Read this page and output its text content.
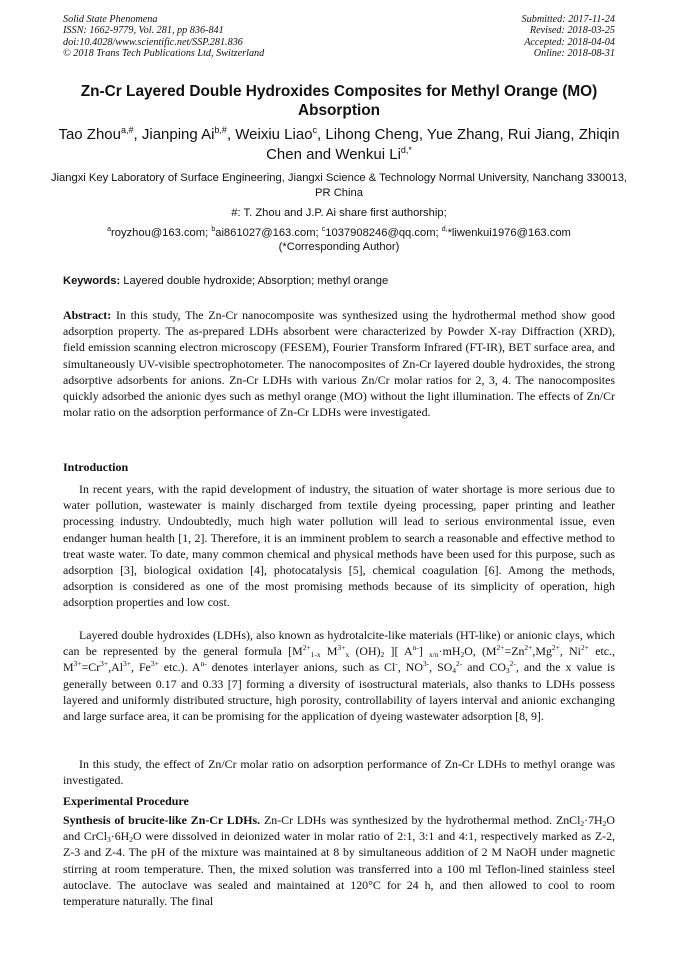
Solid State Phenomena
ISSN: 1662-9779, Vol. 281, pp 836-841
doi:10.4028/www.scientific.net/SSP.281.836
© 2018 Trans Tech Publications Ltd, Switzerland
Submitted: 2017-11-24
Revised: 2018-03-25
Accepted: 2018-04-04
Online: 2018-08-31
Zn-Cr Layered Double Hydroxides Composites for Methyl Orange (MO) Absorption
Tao Zhou$^{a,\#}$, Jianping $Ai^{b,\#}$, Weixiu Liao$^c$, Lihong Cheng, Yue Zhang, Rui Jiang, Zhiqin Chen and Wenkui $Li^{d,*}$
Jiangxi Key Laboratory of Surface Engineering, Jiangxi Science & Technology Normal University, Nanchang 330013, PR China
#: T. Zhou and J.P. Ai share first authorship;
$^a$royzhou@163.com; $^b$ai861027@163.com; $^c$1037908246@qq.com; $^{d,}$*liwenkui1976@163.com
(*Corresponding Author)
Keywords: Layered double hydroxide; Absorption; methyl orange
Abstract: In this study, The Zn-Cr nanocomposite was synthesized using the hydrothermal method show good adsorption property. The as-prepared LDHs absorbent were characterized by Powder X-ray Diffraction (XRD), field emission scanning electron microscopy (FESEM), Fourier Transform Infrared (FT-IR), BET surface area, and simultaneously UV-visible spectrophotometer. The nanocomposites of Zn-Cr layered double hydroxides, the strong adsorptive adsorbents for anions. Zn-Cr LDHs with various Zn/Cr molar ratios for 2, 3, 4. The nanocomposites quickly adsorbed the anionic dyes such as methyl orange (MO) without the light illumination. The effects of Zn/Cr molar ratio on the adsorption performance of Zn-Cr LDHs were investigated.
Introduction
In recent years, with the rapid development of industry, the situation of water shortage is more serious due to water pollution, wastewater is mainly discharged from textile dyeing processing, paper printing and leather processing industry. Undoubtedly, much high water pollution will lead to serious environmental issue, even endanger human health [1, 2]. Therefore, it is an imminent problem to search a reasonable and effective method to treat waste water. To date, many common chemical and physical methods have been used for this purpose, such as adsorption [3], biological oxidation [4], photocatalysis [5], chemical coagulation [6]. Among the methods, adsorption is considered as one of the most promising methods because of its simplicity of operation, high adsorption properties and low cost.
Layered double hydroxides (LDHs), also known as hydrotalcite-like materials (HT-like) or anionic clays, which can be represented by the general formula [$M^{2+}_{1-x}$ $M^{3+}_x$ $(OH)_2$ ][ $A^{n-}$] $_{x/n}\cdot mH_2O$, ($M^{2+}=Zn^{2+},Mg^{2+}$, $Ni^{2+}$ etc., $M^{3+}=Cr^{3+},Al^{3+}$, $Fe^{3+}$ etc.). $A^{n-}$ denotes interlayer anions, such as Cl-, $NO^{3-}$, $SO_4^{2-}$ and $CO_3^{2-}$, and the x value is generally between 0.17 and 0.33 [7] forming a diversity of isostructural materials, also thanks to LDHs possess layered and uniformly distributed structure, high porosity, controllability of layers interval and anionic exchanging and large surface area, it can be promising for the application of dyeing wastewater adsorption [8, 9].
In this study, the effect of Zn/Cr molar ratio on adsorption performance of Zn-Cr LDHs to methyl orange was investigated.
Experimental Procedure
Synthesis of brucite-like Zn-Cr LDHs. Zn-Cr LDHs was synthesized by the hydrothermal method. $ZnCl_2\cdot 7H_2O$ and $CrCl_3\cdot 6H_2O$ were dissolved in deionized water in molar ratio of 2:1, 3:1 and 4:1, respectively marked as Z-2, Z-3 and Z-4. The pH of the mixture was maintained at 8 by simultaneous addition of 2 M NaOH under magnetic stirring at room temperature. Then, the mixed solution was transferred into a 100 ml Teflon-lined stainless steel autoclave. The autoclave was sealed and maintained at 120°C for 24 h, and then allowed to cool to room temperature naturally. The final
